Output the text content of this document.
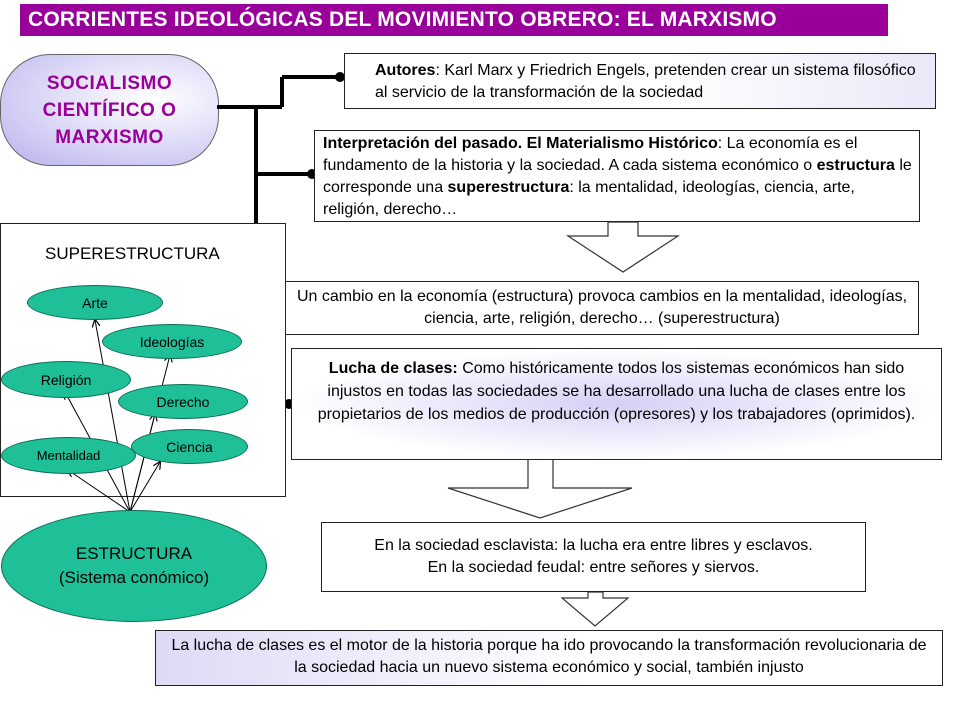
CORRIENTES IDEOLÓGICAS DEL MOVIMIENTO OBRERO: EL MARXISMO
SOCIALISMO
CIENTÍFICO O
MARXISMO
Autores: Karl Marx y Friedrich Engels, pretenden crear un sistema filosófico al servicio de la transformación de la sociedad
Interpretación del pasado. El Materialismo Histórico: La economía es el fundamento de la historia y la sociedad. A cada sistema económico o estructura le corresponde una superestructura: la mentalidad, ideologías, ciencia, arte, religión, derecho…
Un cambio en la economía (estructura) provoca cambios en la mentalidad, ideologías, ciencia, arte, religión, derecho… (superestructura)
Lucha de clases: Como históricamente todos los sistemas económicos han sido injustos en todas las sociedades se ha desarrollado una lucha de clases entre los propietarios de los medios de producción (opresores) y los trabajadores (oprimidos).
En la sociedad esclavista: la lucha era entre libres y esclavos.
En la sociedad feudal: entre señores y siervos.
La lucha de clases es el motor de la historia porque ha ido provocando la transformación revolucionaria de la sociedad hacia un nuevo sistema económico y social, también injusto
SUPERESTRUCTURA
Arte
Ideologías
Religión
Derecho
Mentalidad
Ciencia
ESTRUCTURA
(Sistema conómico)
